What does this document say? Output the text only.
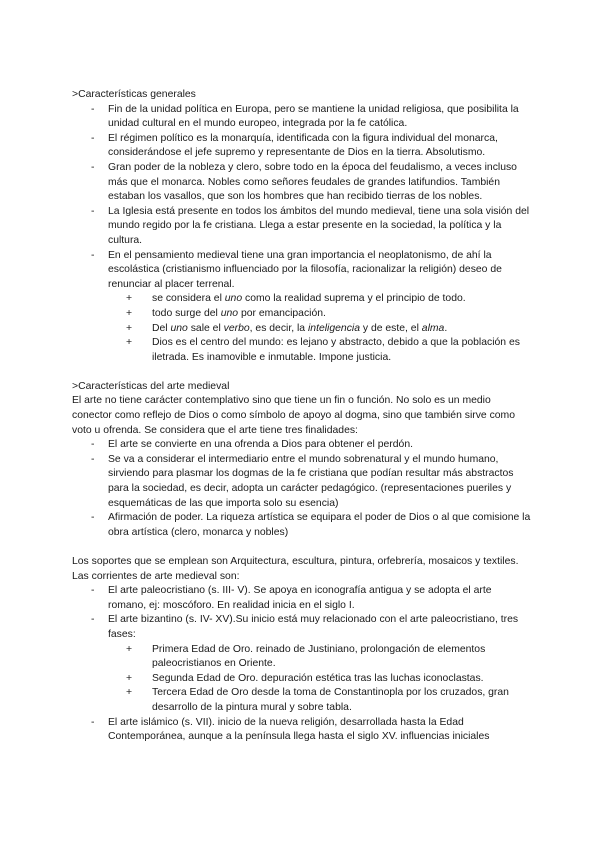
>Características generales

- Fin de la unidad política en Europa, pero se mantiene la unidad religiosa, que posibilita la unidad cultural en el mundo europeo, integrada por la fe católica.
- El régimen político es la monarquía, identificada con la figura individual del monarca, considerándose el jefe supremo y representante de Dios en la tierra. Absolutismo.
- Gran poder de la nobleza y clero, sobre todo en la época del feudalismo, a veces incluso más que el monarca. Nobles como señores feudales de grandes latifundios. También estaban los vasallos, que son los hombres que han recibido tierras de los nobles.
- La Iglesia está presente en todos los ámbitos del mundo medieval, tiene una sola visión del mundo regido por la fe cristiana. Llega a estar presente en la sociedad, la política y la cultura.
- En el pensamiento medieval tiene una gran importancia el neoplatonismo, de ahí la escolástica (cristianismo influenciado por la filosofía, racionalizar la religión) deseo de renunciar al placer terrenal.
+ se considera el uno como la realidad suprema y el principio de todo.
+ todo surge del uno por emancipación.
+ Del uno sale el verbo, es decir, la inteligencia y de este, el alma.
+ Dios es el centro del mundo: es lejano y abstracto, debido a que la población es iletrada. Es inamovible e inmutable. Impone justicia.

>Características del arte medieval

El arte no tiene carácter contemplativo sino que tiene un fin o función. No solo es un medio conector como reflejo de Dios o como símbolo de apoyo al dogma, sino que también sirve como voto u ofrenda. Se considera que el arte tiene tres finalidades:

- El arte se convierte en una ofrenda a Dios para obtener el perdón.
- Se va a considerar el intermediario entre el mundo sobrenatural y el mundo humano, sirviendo para plasmar los dogmas de la fe cristiana que podían resultar más abstractos para la sociedad, es decir, adopta un carácter pedagógico. (representaciones pueriles y esquemáticas de las que importa solo su esencia)
- Afirmación de poder. La riqueza artística se equipara el poder de Dios o al que comisione la obra artística (clero, monarca y nobles)

Los soportes que se emplean son Arquitectura, escultura, pintura, orfebrería, mosaicos y textiles.

Las corrientes de arte medieval son:

- El arte paleocristiano (s. III- V). Se apoya en iconografía antigua y se adopta el arte romano, ej: moscóforo. En realidad inicia en el siglo I.
- El arte bizantino (s. IV- XV).Su inicio está muy relacionado con el arte paleocristiano, tres fases:
+ Primera Edad de Oro. reinado de Justiniano, prolongación de elementos paleocristianos en Oriente.
+ Segunda Edad de Oro. depuración estética tras las luchas iconoclastas.
+ Tercera Edad de Oro desde la toma de Constantinopla por los cruzados, gran desarrollo de la pintura mural y sobre tabla.
- El arte islámico (s. VII). inicio de la nueva religión, desarrollada hasta la Edad Contemporánea, aunque a la península llega hasta el siglo XV. influencias iniciales
